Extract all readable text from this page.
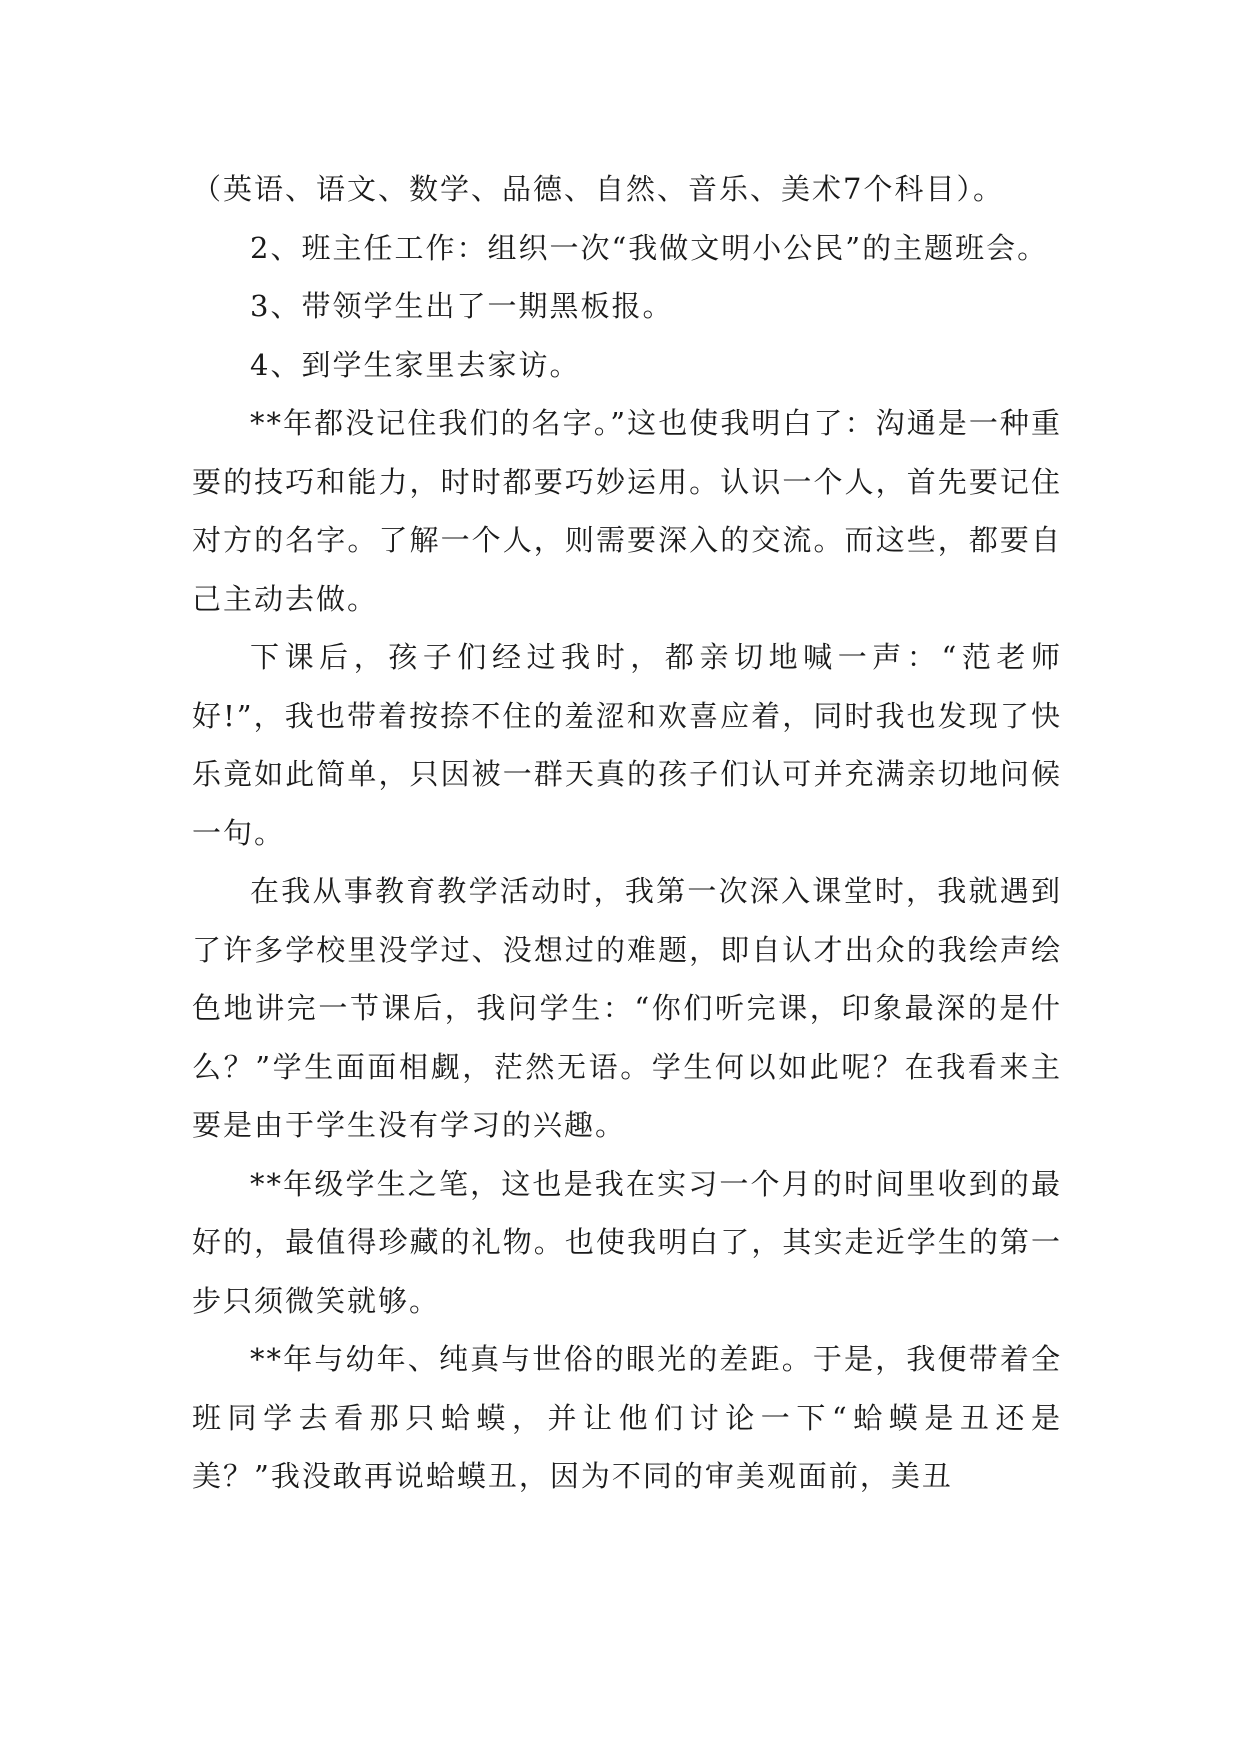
（英语、语文、数学、品德、自然、音乐、美术7个科目）。

2、班主任工作：组织一次“我做文明小公民”的主题班会。

3、带领学生出了一期黑板报。

4、到学生家里去家访。

**年都没记住我们的名字。”这也使我明白了：沟通是一种重要的技巧和能力，时时都要巧妙运用。认识一个人，首先要记住对方的名字。了解一个人，则需要深入的交流。而这些，都要自己主动去做。

下课后，孩子们经过我时，都亲切地喊一声：“范老师好!”，我也带着按捺不住的羞涩和欢喜应着，同时我也发现了快乐竟如此简单，只因被一群天真的孩子们认可并充满亲切地问候一句。

在我从事教育教学活动时，我第一次深入课堂时，我就遇到了许多学校里没学过、没想过的难题，即自认才出众的我绘声绘色地讲完一节课后，我问学生：“你们听完课，印象最深的是什么？”学生面面相觑，茫然无语。学生何以如此呢？在我看来主要是由于学生没有学习的兴趣。

**年级学生之笔，这也是我在实习一个月的时间里收到的最好的，最值得珍藏的礼物。也使我明白了，其实走近学生的第一步只须微笑就够。

**年与幼年、纯真与世俗的眼光的差距。于是，我便带着全班同学去看那只蛤蟆，并让他们讨论一下“蛤蟆是丑还是美？”我没敢再说蛤蟆丑，因为不同的审美观面前，美丑
